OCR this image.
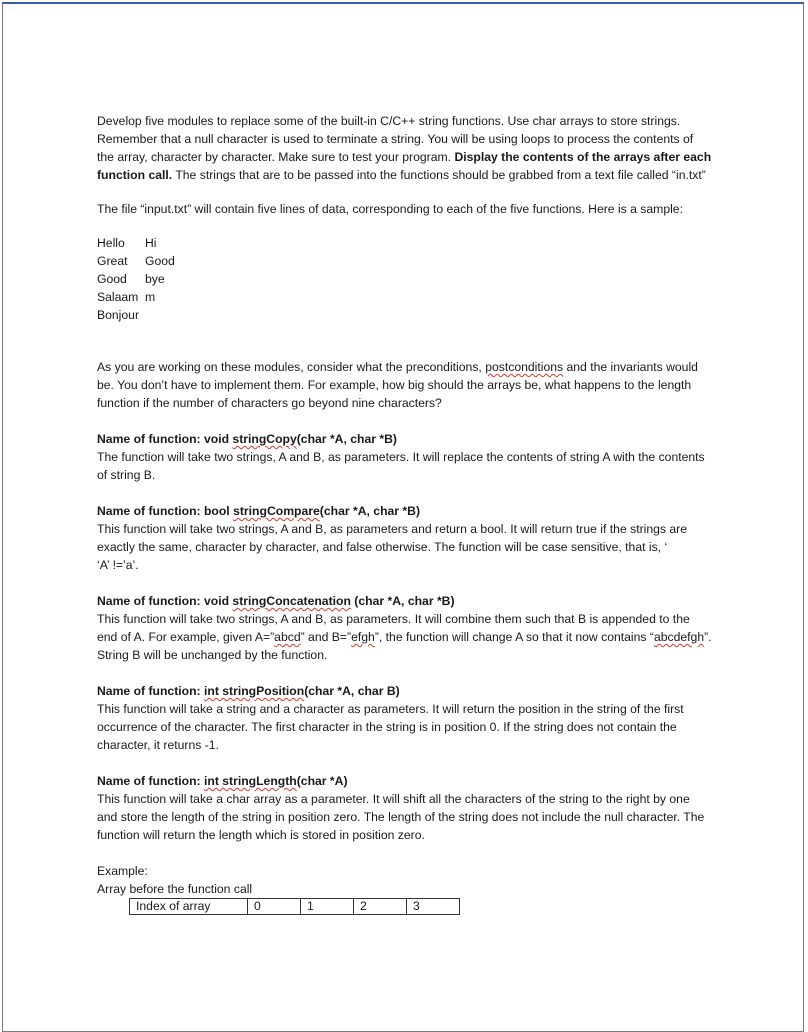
Develop five modules to replace some of the built-in C/C++ string functions. Use char arrays to store strings. Remember that a null character is used to terminate a string. You will be using loops to process the contents of the array, character by character. Make sure to test your program. Display the contents of the arrays after each function call. The strings that are to be passed into the functions should be grabbed from a text file called “in.txt”

The file “input.txt” will contain five lines of data, corresponding to each of the five functions. Here is a sample:

Hello	Hi
Great	Good
Good	bye
Salaam	m
Bonjour	

As you are working on these modules, consider what the preconditions, postconditions and the invariants would be. You don’t have to implement them. For example, how big should the arrays be, what happens to the length function if the number of characters go beyond nine characters?

Name of function: void stringCopy(char *A, char *B)

The function will take two strings, A and B, as parameters. It will replace the contents of string A with the contents of string B.

Name of function: bool stringCompare(char *A, char *B)

This function will take two strings, A and B, as parameters and return a bool. It will return true if the strings are exactly the same, character by character, and false otherwise. The function will be case sensitive, that is, ‘

‘A’ !=’a’.

Name of function: void stringConcatenation (char *A, char *B)

This function will take two strings, A and B, as parameters. It will combine them such that B is appended to the end of A. For example, given A=”abcd” and B=”efgh”, the function will change A so that it now contains “abcdefgh”. String B will be unchanged by the function.

Name of function: int stringPosition(char *A, char B)

This function will take a string and a character as parameters. It will return the position in the string of the first occurrence of the character. The first character in the string is in position 0. If the string does not contain the character, it returns -1.

Name of function: int stringLength(char *A)

This function will take a char array as a parameter. It will shift all the characters of the string to the right by one and store the length of the string in position zero. The length of the string does not include the null character. The function will return the length which is stored in position zero.

Example:

Array before the function call

Index of array	0	1	2	3
